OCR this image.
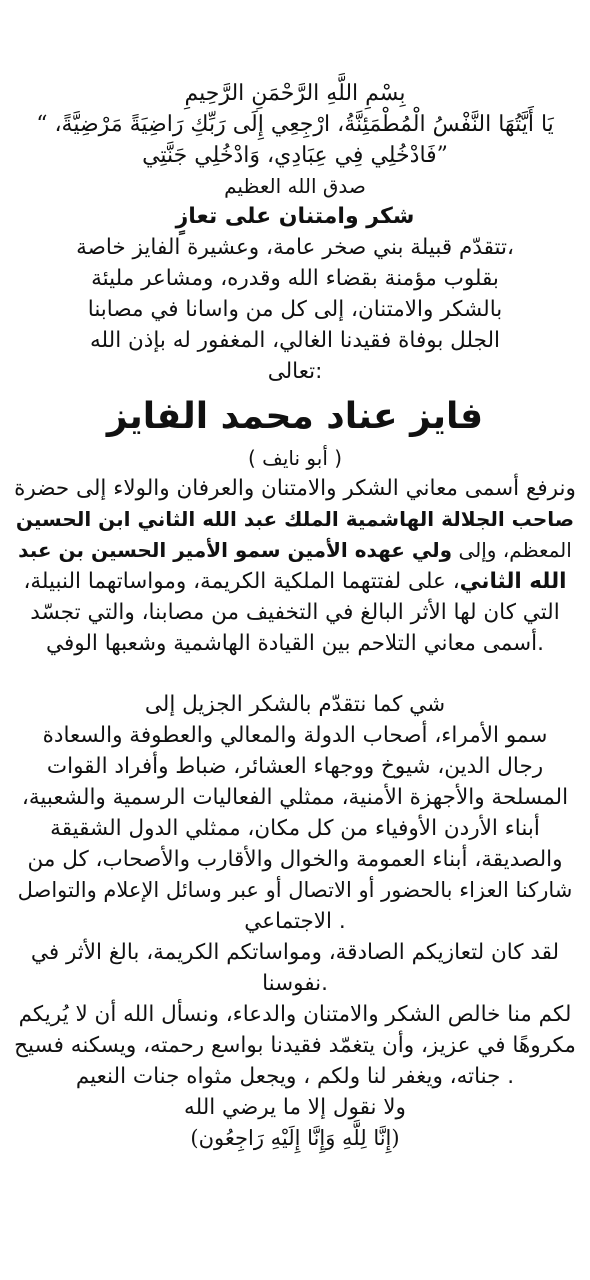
بِسْمِ اللَّهِ الرَّحْمَنِ الرَّحِيمِ
يَا أَيَّتُهَا النَّفْسُ الْمُطْمَئِنَّةُ، ارْجِعِي إِلَى رَبِّكِ رَاضِيَةً مَرْضِيَّةً، “
”فَادْخُلِي فِي عِبَادِي، وَادْخُلِي جَنَّتِي
صدق الله العظيم
شكر وامتنان على تعازٍ
،تتقدّم قبيلة بني صخر عامة، وعشيرة الفايز خاصة
بقلوب مؤمنة بقضاء الله وقدره، ومشاعر مليئة
بالشكر والامتنان، إلى كل من واسانا في مصابنا
الجلل بوفاة فقيدنا الغالي، المغفور له بإذن الله
:تعالى
فايز عناد محمد الفايز
( أبو نايف )
ونرفع أسمى معاني الشكر والامتنان والعرفان والولاء إلى حضرة
صاحب الجلالة الهاشمية الملك عبد الله الثاني ابن الحسين
المعظم، وإلى ولي عهده الأمين سمو الأمير الحسين بن عبد
الله الثاني، على لفتتهما الملكية الكريمة، ومواساتهما النبيلة،
التي كان لها الأثر البالغ في التخفيف من مصابنا، والتي تجسّد
.أسمى معاني التلاحم بين القيادة الهاشمية وشعبها الوفي
شي كما نتقدّم بالشكر الجزيل إلى
سمو الأمراء، أصحاب الدولة والمعالي والعطوفة والسعادة
رجال الدين، شيوخ ووجهاء العشائر، ضباط وأفراد القوات
المسلحة والأجهزة الأمنية، ممثلي الفعاليات الرسمية والشعبية،
أبناء الأردن الأوفياء من كل مكان، ممثلي الدول الشقيقة
والصديقة، أبناء العمومة والخوال والأقارب والأصحاب، كل من
شاركنا العزاء بالحضور أو الاتصال أو عبر وسائل الإعلام والتواصل
. الاجتماعي
لقد كان لتعازيكم الصادقة، ومواساتكم الكريمة، بالغ الأثر في
.نفوسنا
لكم منا خالص الشكر والامتنان والدعاء، ونسأل الله أن لا يُريكم
مكروهًا في عزيز، وأن يتغمّد فقيدنا بواسع رحمته، ويسكنه فسيح
. جناته، ويغفر لنا ولكم ، ويجعل مثواه جنات النعيم
ولا نقول إلا ما يرضي الله
(إِنَّا لِلَّهِ وَإِنَّا إِلَيْهِ رَاجِعُون)
